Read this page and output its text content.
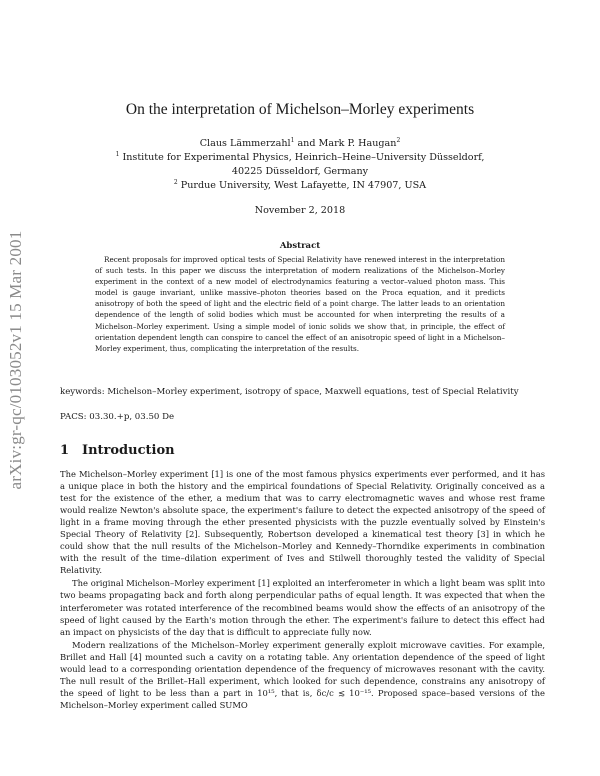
arXiv:gr-qc/0103052v1 15 Mar 2001
On the interpretation of Michelson–Morley experiments
Claus Lämmerzahl$^1$ and Mark P. Haugan$^2$
$^1$ Institute for Experimental Physics, Heinrich–Heine–University Düsseldorf,
40225 Düsseldorf, Germany
$^2$ Purdue University, West Lafayette, IN 47907, USA
November 2, 2018
Abstract
Recent proposals for improved optical tests of Special Relativity have renewed interest in the interpretation of such tests. In this paper we discuss the interpretation of modern realizations of the Michelson–Morley experiment in the context of a new model of electrodynamics featuring a vector–valued photon mass. This model is gauge invariant, unlike massive–photon theories based on the Proca equation, and it predicts anisotropy of both the speed of light and the electric field of a point charge. The latter leads to an orientation dependence of the length of solid bodies which must be accounted for when interpreting the results of a Michelson–Morley experiment. Using a simple model of ionic solids we show that, in principle, the effect of orientation dependent length can conspire to cancel the effect of an anisotropic speed of light in a Michelson–Morley experiment, thus, complicating the interpretation of the results.
keywords: Michelson–Morley experiment, isotropy of space, Maxwell equations, test of Special Relativity
PACS: 03.30.+p, 03.50 De
1 Introduction

The Michelson–Morley experiment [1] is one of the most famous physics experiments ever performed, and it has a unique place in both the history and the empirical foundations of Special Relativity. Originally conceived as a test for the existence of the ether, a medium that was to carry electromagnetic waves and whose rest frame would realize Newton's absolute space, the experiment's failure to detect the expected anisotropy of the speed of light in a frame moving through the ether presented physicists with the puzzle eventually solved by Einstein's Special Theory of Relativity [2]. Subsequently, Robertson developed a kinematical test theory [3] in which he could show that the null results of the Michelson–Morley and Kennedy–Thorndike experiments in combination with the result of the time–dilation experiment of Ives and Stilwell thoroughly tested the validity of Special Relativity.

The original Michelson–Morley experiment [1] exploited an interferometer in which a light beam was split into two beams propagating back and forth along perpendicular paths of equal length. It was expected that when the interferometer was rotated interference of the recombined beams would show the effects of an anisotropy of the speed of light caused by the Earth's motion through the ether. The experiment's failure to detect this effect had an impact on physicists of the day that is difficult to appreciate fully now.

Modern realizations of the Michelson–Morley experiment generally exploit microwave cavities. For example, Brillet and Hall [4] mounted such a cavity on a rotating table. Any orientation dependence of the speed of light would lead to a corresponding orientation dependence of the frequency of microwaves resonant with the cavity. The null result of the Brillet–Hall experiment, which looked for such dependence, constrains any anisotropy of the speed of light to be less than a part in 10¹⁵, that is, δc/c ≲ 10⁻¹⁵. Proposed space–based versions of the Michelson–Morley experiment called SUMO
